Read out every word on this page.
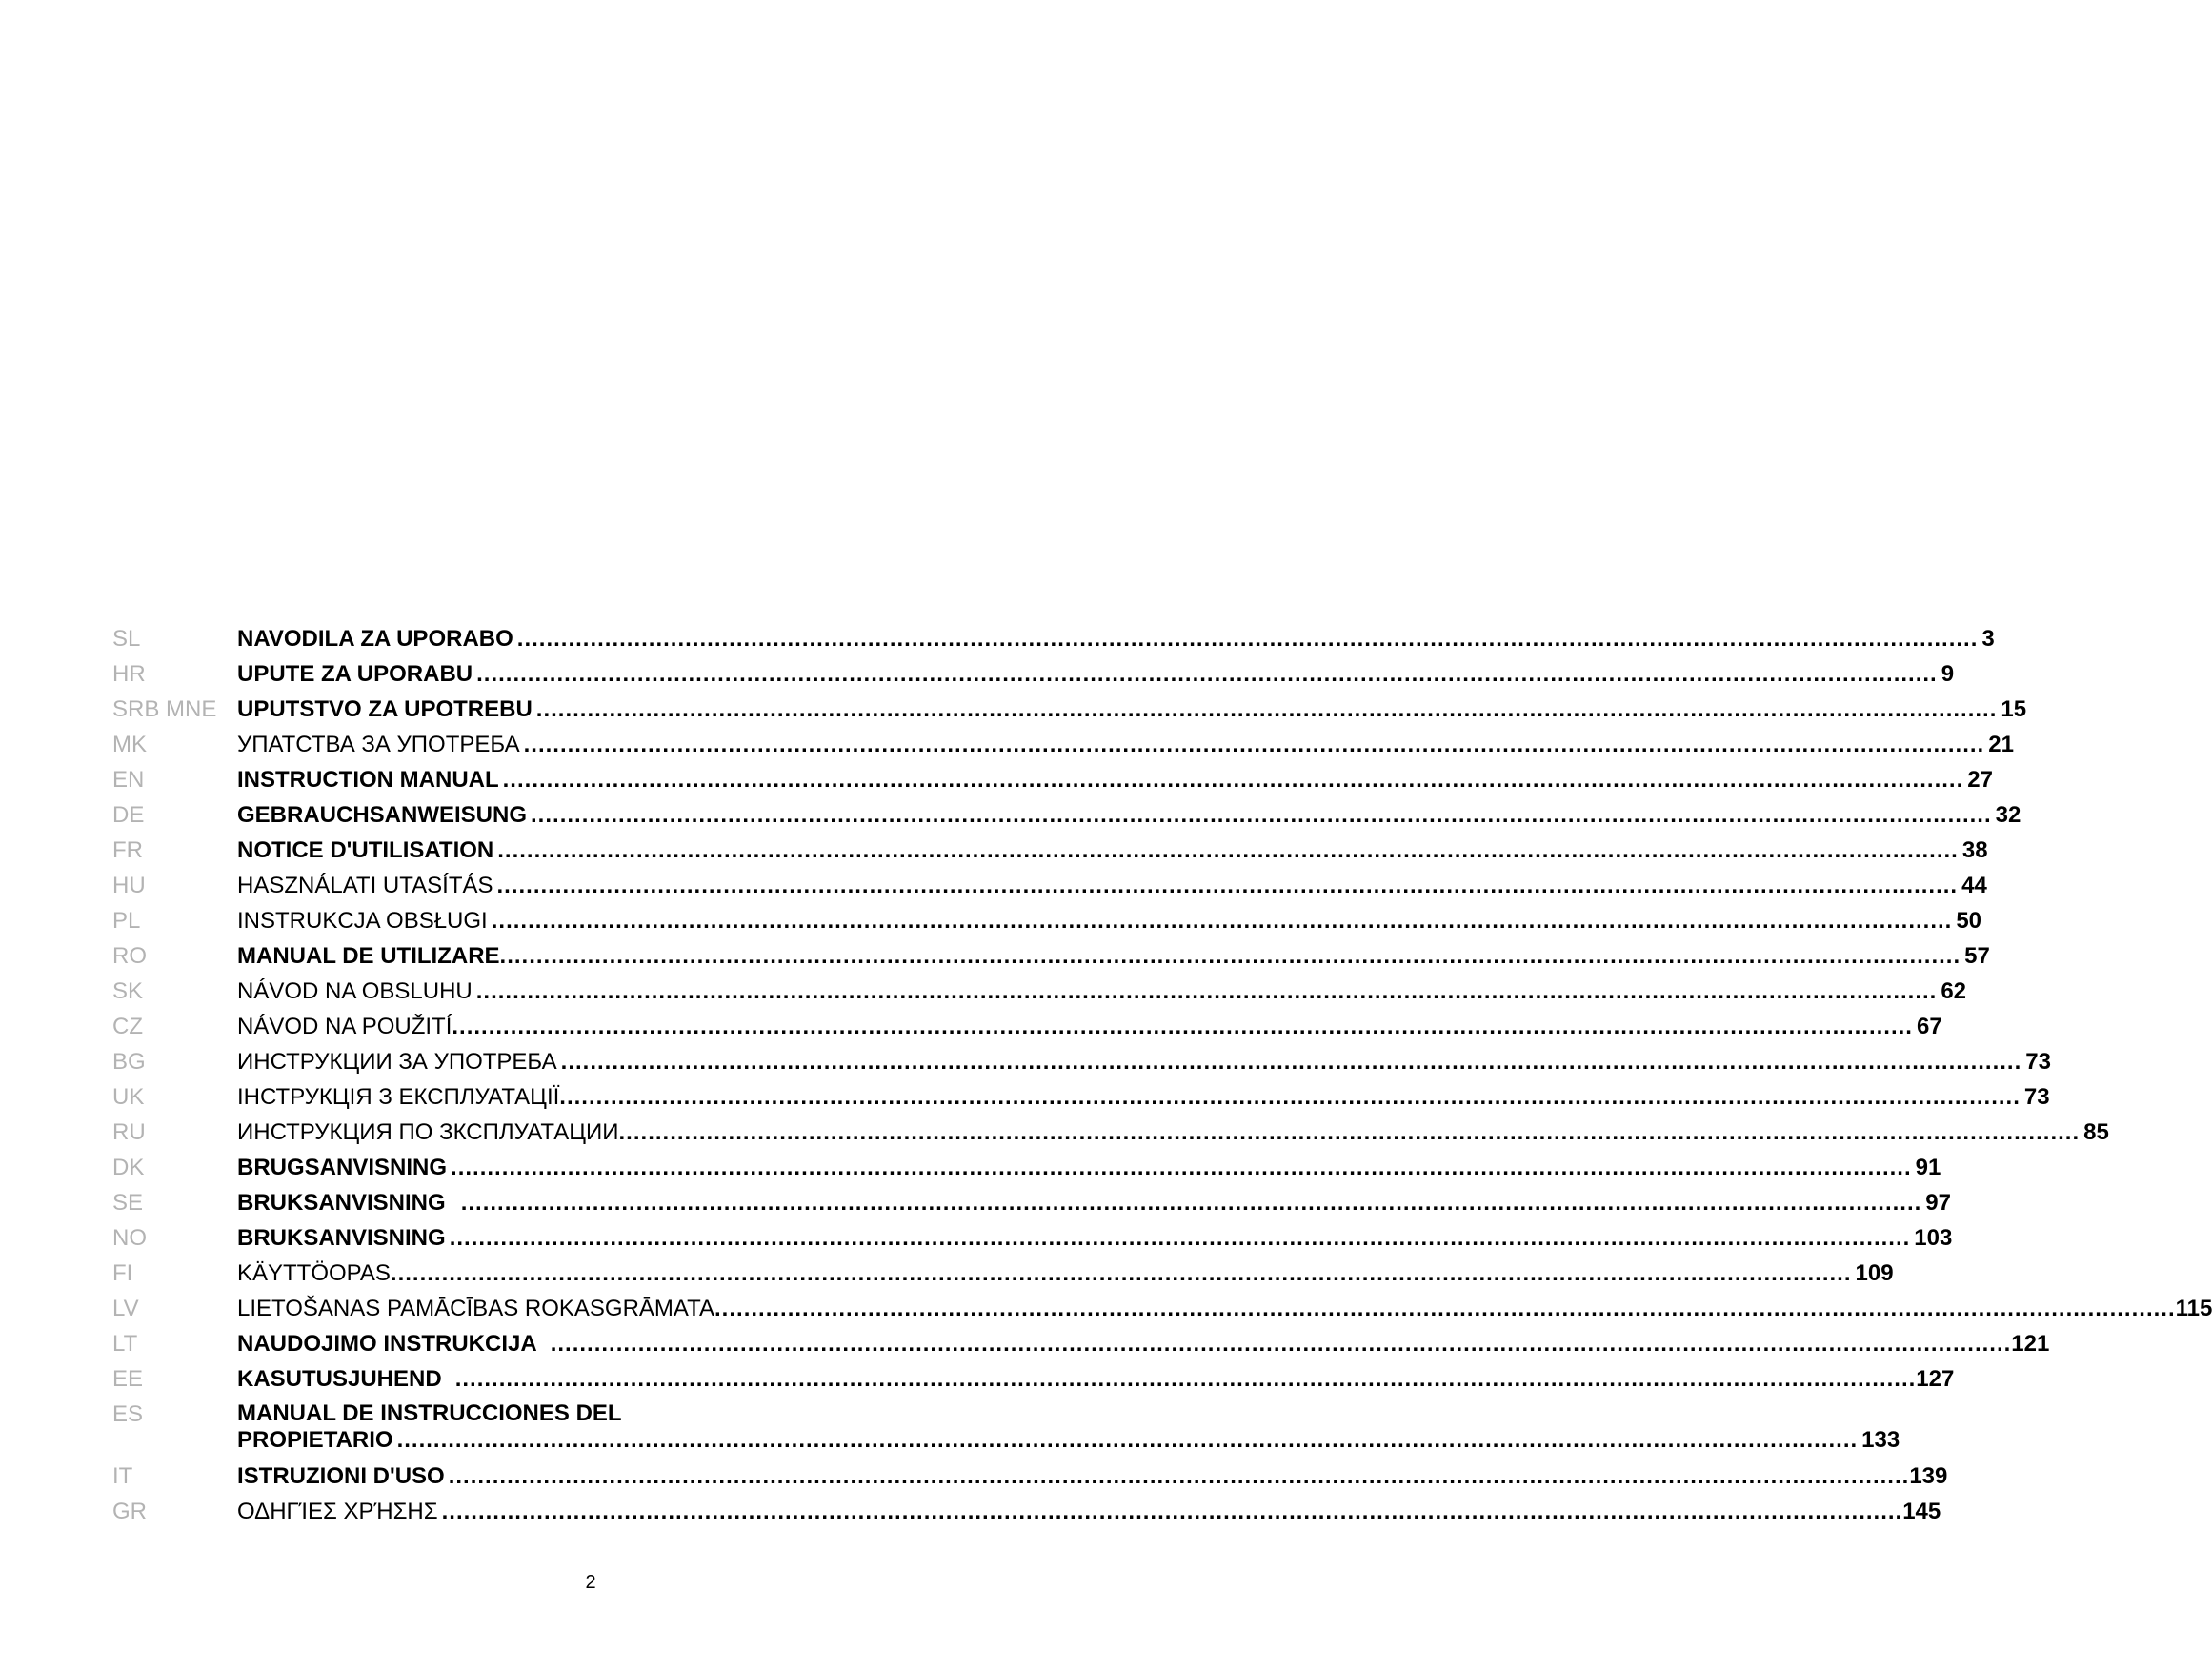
SL	NAVODILA ZA UPORABO .....	3
HR	UPUTE ZA UPORABU .....	9
SRB MNE UPUTSTVO ZA UPOTREBU .....	15
MK	УПАТСТВА ЗА УПОТРЕБА .....	21
EN	INSTRUCTION MANUAL .....	27
DE	GEBRAUCHSANWEISUNG .....	32
FR	NOTICE D'UTILISATION .....	38
HU	HASZNÁLATI UTASÍTÁS .....	44
PL	INSTRUKCJA OBSŁUGI .....	50
RO	MANUAL DE UTILIZARE .....	57
SK	NÁVOD NA OBSLUHU .....	62
CZ	NÁVOD NA POUŽITÍ .....	67
BG	ИНСТРУКЦИИ ЗА УПОТРЕБА .....	73
UK	ІНСТРУКЦІЯ З ЕКСПЛУАТАЦІЇ .....	73
RU	ИНСТРУКЦИЯ ПО ЗКСПЛУАТАЦИИ .....	85
DK	BRUGSANVISNING .....	91
SE	BRUKSANVISNING .....	97
NO	BRUKSANVISNING .....	103
FI	KÄYTTÖOPAS .....	109
LV	LIETOŠANAS PAMĀCĪBAS ROKASGRĀMATA .....	115
LT	NAUDOJIMO INSTRUKCIJA .....	121
EE	KASUTUSJUHEND .....	127
ES	MANUAL DE INSTRUCCIONES DEL
PROPIETARIO .....	133
IT	ISTRUZIONI D'USO .....	139
GR	ΟΔΗΓΊΕΣ ΧΡΉΣΗΣ .....	145
2
